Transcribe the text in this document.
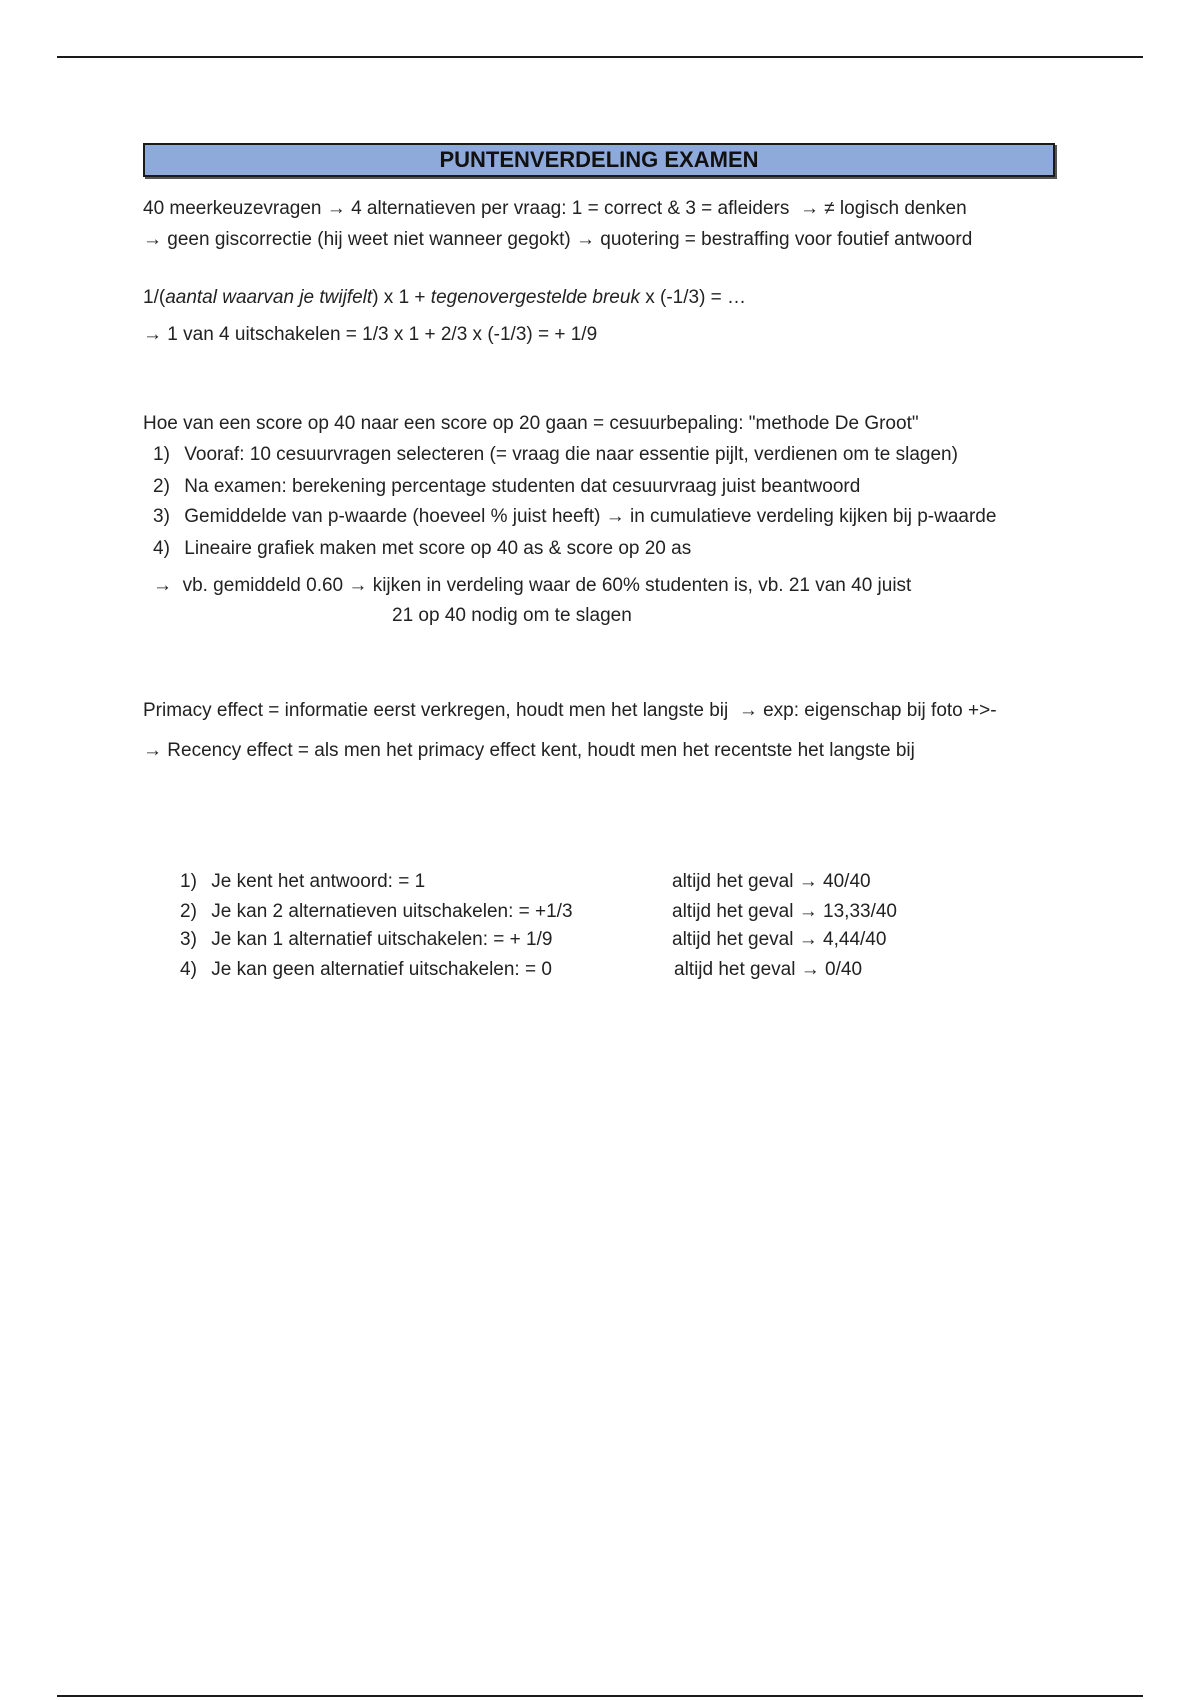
PUNTENVERDELING EXAMEN
40 meerkeuzevragen → 4 alternatieven per vraag: 1 = correct & 3 = afleiders → ≠ logisch denken
→ geen giscorrectie (hij weet niet wanneer gegokt) → quotering = bestraffing voor foutief antwoord
1/(aantal waarvan je twijfelt) x 1 + tegenovergestelde breuk x (-1/3) = …
→ 1 van 4 uitschakelen = 1/3 x 1 + 2/3 x (-1/3) = + 1/9
Hoe van een score op 40 naar een score op 20 gaan = cesuurbepaling: "methode De Groot"
1) Vooraf: 10 cesuurvragen selecteren (= vraag die naar essentie pijlt, verdienen om te slagen)
2) Na examen: berekening percentage studenten dat cesuurvraag juist beantwoord
3) Gemiddelde van p-waarde (hoeveel % juist heeft) → in cumulatieve verdeling kijken bij p-waarde
4) Lineaire grafiek maken met score op 40 as & score op 20 as
→ vb. gemiddeld 0.60 → kijken in verdeling waar de 60% studenten is, vb. 21 van 40 juist
21 op 40 nodig om te slagen
Primacy effect = informatie eerst verkregen, houdt men het langste bij → exp: eigenschap bij foto +>-
→ Recency effect = als men het primacy effect kent, houdt men het recentste het langste bij
1) Je kent het antwoord: = 1	altijd het geval → 40/40
2) Je kan 2 alternatieven uitschakelen: = +1/3	altijd het geval → 13,33/40
3) Je kan 1 alternatief uitschakelen: = + 1/9	altijd het geval → 4,44/40
4) Je kan geen alternatief uitschakelen: = 0	altijd het geval → 0/40
